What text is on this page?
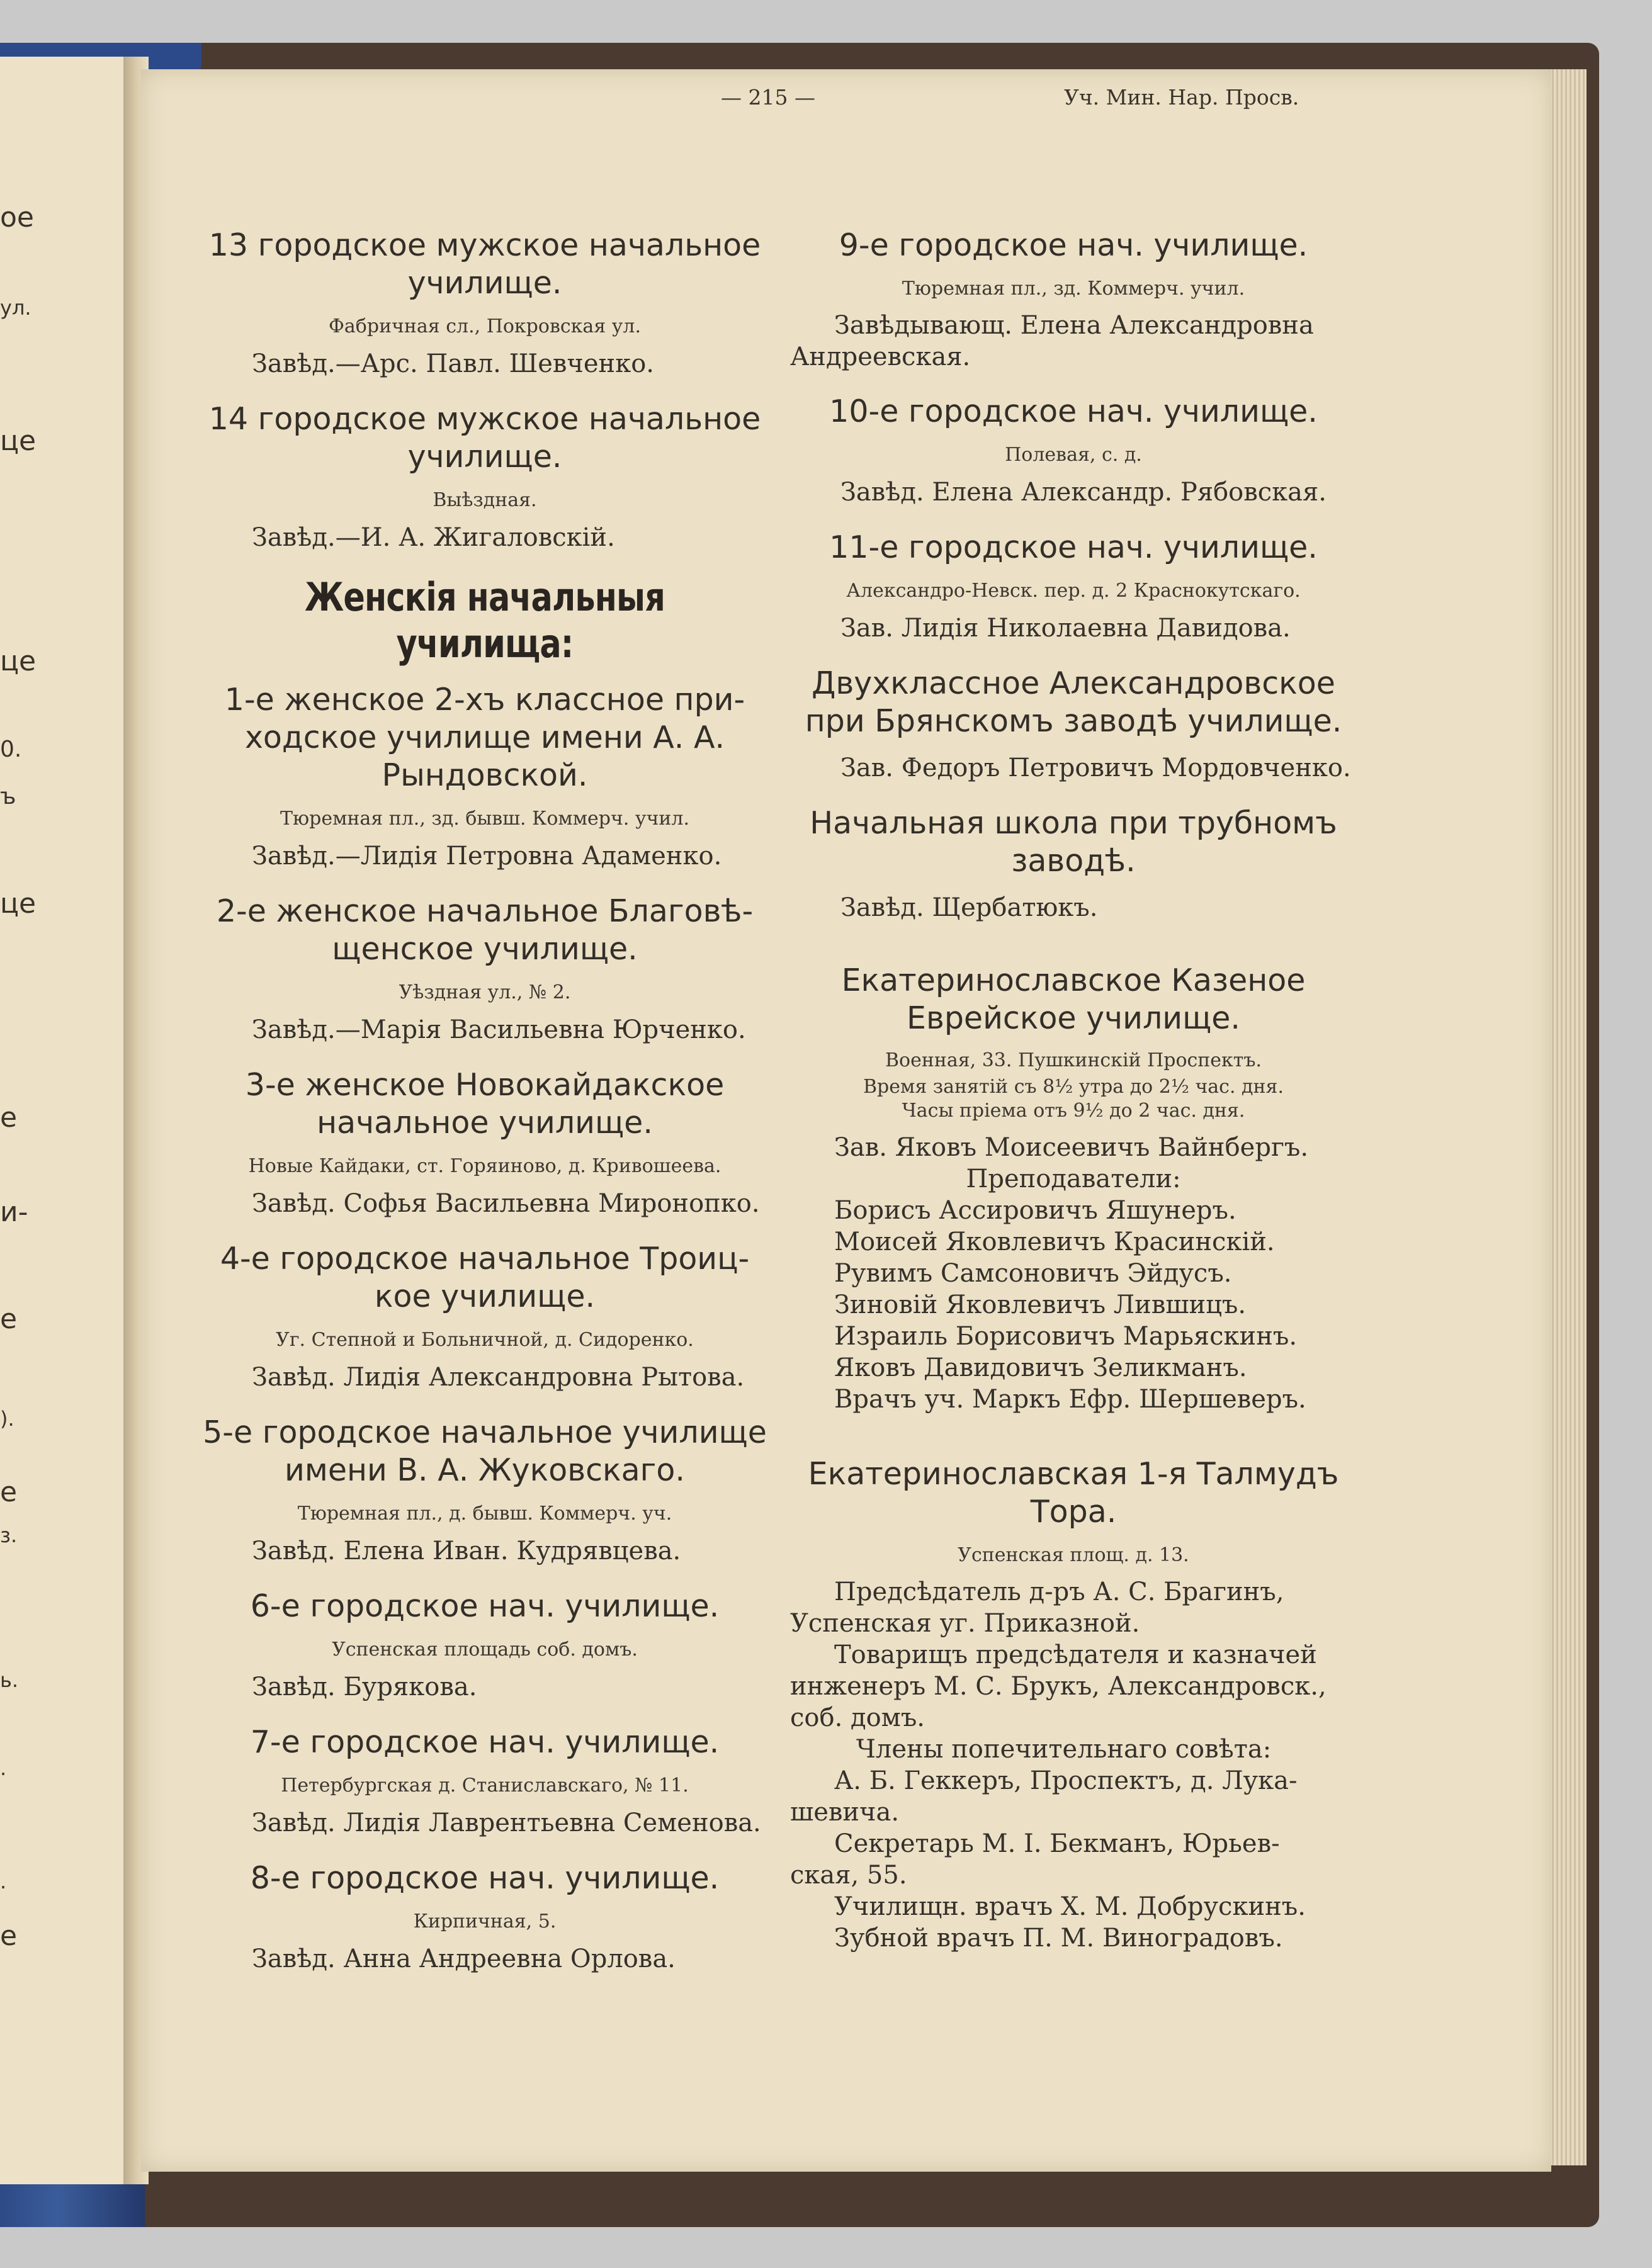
ое
ул.
це
це
0.
ъ
це
е
и-
е
).
е
з.
ь.
.
.
е
— 215 —	Уч. Мин. Нар. Просв.

13 городское мужское начальное
училище.

Фабричная сл., Покровская ул.

Завѣд.—Арс. Павл. Шевченко.

14 городское мужское начальное
училище.

Выѣздная.

Завѣд.—И. А. Жигаловскій.

Женскія начальныя училища:

1-е женское 2-хъ классное при-
ходское училище имени А. А.
Рындовской.

Тюремная пл., зд. бывш. Коммерч. учил.

Завѣд.—Лидія Петровна Адаменко.

2-е женское начальное Благовѣ-
щенское училище.

Уѣздная ул., № 2.

Завѣд.—Марія Васильевна Юрченко.

3-е женское Новокайдакское
начальное училище.

Новые Кайдаки, ст. Горяиново, д. Кривошеева.

Завѣд. Софья Васильевна Миронопко.

4-е городское начальное Троиц-
кое училище.

Уг. Степной и Больничной, д. Сидоренко.

Завѣд. Лидія Александровна Рытова.

5-е городское начальное училище
имени В. А. Жуковскаго.

Тюремная пл., д. бывш. Коммерч. уч.

Завѣд. Елена Иван. Кудрявцева.

6-е городское нач. училище.

Успенская площадь соб. домъ.

Завѣд. Бурякова.

7-е городское нач. училище.

Петербургская д. Станиславскаго, № 11.

Завѣд. Лидія Лаврентьевна Семенова.

8-е городское нач. училище.

Кирпичная, 5.

Завѣд. Анна Андреевна Орлова.

9-е городское нач. училище.

Тюремная пл., зд. Коммерч. учил.

Завѣдывающ. Елена Александровна

Андреевская.

10-е городское нач. училище.

Полевая, с. д.

Завѣд. Елена Александр. Рябовская.

11-е городское нач. училище.

Александро-Невск. пер. д. 2 Краснокутскаго.

Зав. Лидія Николаевна Давидова.

Двухклассное Александровское
при Брянскомъ заводѣ училище.

Зав. Федоръ Петровичъ Мордовченко.

Начальная школа при трубномъ
заводѣ.

Завѣд. Щербатюкъ.

Екатеринославское Казеное
Еврейское училище.

Военная, 33. Пушкинскій Проспектъ.

Время занятій съ 8½ утра до 2½ час. дня.

Часы пріема отъ 9½ до 2 час. дня.

Зав. Яковъ Моисеевичъ Вайнбергъ.

Преподаватели:

Борисъ Ассировичъ Яшунеръ.

Моисей Яковлевичъ Красинскій.

Рувимъ Самсоновичъ Эйдусъ.

Зиновій Яковлевичъ Лившицъ.

Израиль Борисовичъ Марьяскинъ.

Яковъ Давидовичъ Зеликманъ.

Врачъ уч. Маркъ Ефр. Шершеверъ.

Екатеринославская 1-я Талмудъ
Тора.

Успенская площ. д. 13.

Предсѣдатель д-ръ А. С. Брагинъ,

Успенская уг. Приказной.

Товарищъ предсѣдателя и казначей

инженеръ М. С. Брукъ, Александровск.,

соб. домъ.

Члены попечительнаго совѣта:

А. Б. Геккеръ, Проспектъ, д. Лука-

шевича.

Секретарь М. І. Бекманъ, Юрьев-

ская, 55.

Училищн. врачъ Х. М. Добрускинъ.

Зубной врачъ П. М. Виноградовъ.
